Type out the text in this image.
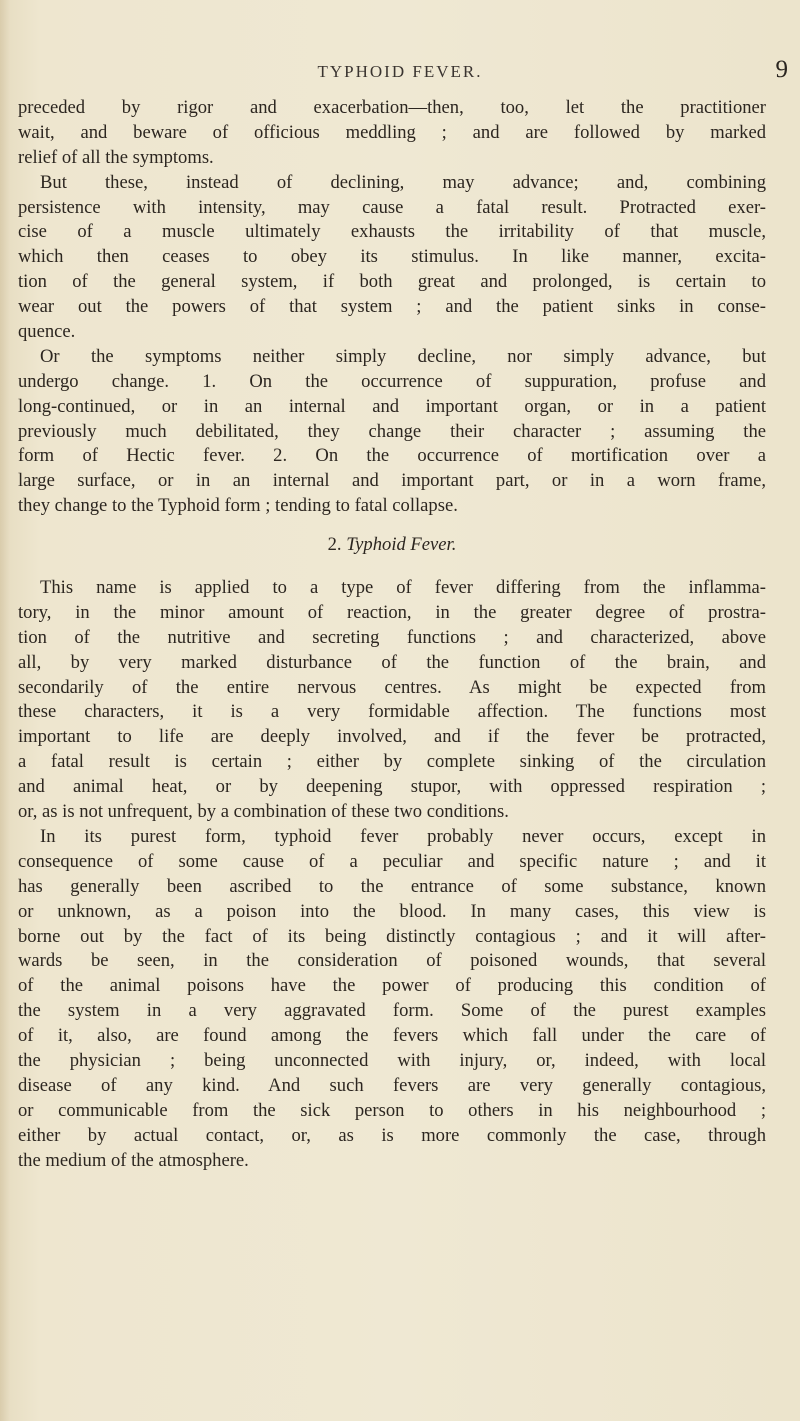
TYPHOID FEVER.	9
preceded by rigor and exacerbation—then, too, let the practitioner
wait, and beware of officious meddling ; and are followed by marked
relief of all the symptoms.
But these, instead of declining, may advance; and, combining
persistence with intensity, may cause a fatal result. Protracted exer-
cise of a muscle ultimately exhausts the irritability of that muscle,
which then ceases to obey its stimulus. In like manner, excita-
tion of the general system, if both great and prolonged, is certain to
wear out the powers of that system ; and the patient sinks in conse-
quence.
Or the symptoms neither simply decline, nor simply advance, but
undergo change. 1. On the occurrence of suppuration, profuse and
long-continued, or in an internal and important organ, or in a patient
previously much debilitated, they change their character ; assuming the
form of Hectic fever. 2. On the occurrence of mortification over a
large surface, or in an internal and important part, or in a worn frame,
they change to the Typhoid form ; tending to fatal collapse.
2. Typhoid Fever.
This name is applied to a type of fever differing from the inflamma-
tory, in the minor amount of reaction, in the greater degree of prostra-
tion of the nutritive and secreting functions ; and characterized, above
all, by very marked disturbance of the function of the brain, and
secondarily of the entire nervous centres. As might be expected from
these characters, it is a very formidable affection. The functions most
important to life are deeply involved, and if the fever be protracted,
a fatal result is certain ; either by complete sinking of the circulation
and animal heat, or by deepening stupor, with oppressed respiration ;
or, as is not unfrequent, by a combination of these two conditions.
In its purest form, typhoid fever probably never occurs, except in
consequence of some cause of a peculiar and specific nature ; and it
has generally been ascribed to the entrance of some substance, known
or unknown, as a poison into the blood. In many cases, this view is
borne out by the fact of its being distinctly contagious ; and it will after-
wards be seen, in the consideration of poisoned wounds, that several
of the animal poisons have the power of producing this condition of
the system in a very aggravated form. Some of the purest examples
of it, also, are found among the fevers which fall under the care of
the physician ; being unconnected with injury, or, indeed, with local
disease of any kind. And such fevers are very generally contagious,
or communicable from the sick person to others in his neighbourhood ;
either by actual contact, or, as is more commonly the case, through
the medium of the atmosphere.
